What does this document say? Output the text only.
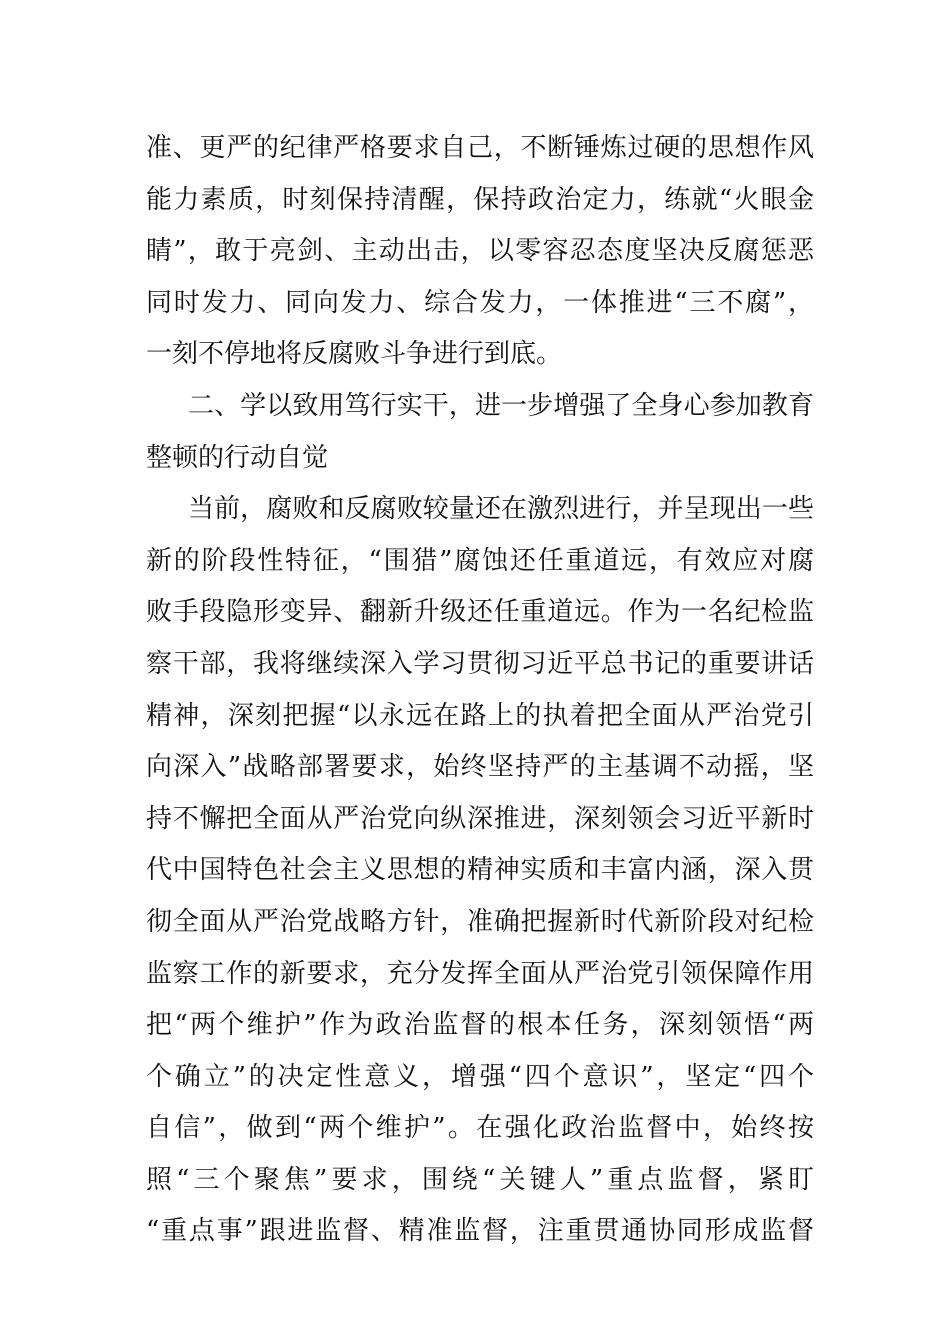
准、更严的纪律严格要求自己，不断锤炼过硬的思想作风
能力素质，时刻保持清醒，保持政治定力，练就“火眼金
睛”，敢于亮剑、主动出击，以零容忍态度坚决反腐惩恶
同时发力、同向发力、综合发力，一体推进“三不腐”，
一刻不停地将反腐败斗争进行到底。
二、学以致用笃行实干，进一步增强了全身心参加教育
整顿的行动自觉
当前，腐败和反腐败较量还在激烈进行，并呈现出一些
新的阶段性特征，“围猎”腐蚀还任重道远，有效应对腐
败手段隐形变异、翻新升级还任重道远。作为一名纪检监
察干部，我将继续深入学习贯彻习近平总书记的重要讲话
精神，深刻把握“以永远在路上的执着把全面从严治党引
向深入”战略部署要求，始终坚持严的主基调不动摇，坚
持不懈把全面从严治党向纵深推进，深刻领会习近平新时
代中国特色社会主义思想的精神实质和丰富内涵，深入贯
彻全面从严治党战略方针，准确把握新时代新阶段对纪检
监察工作的新要求，充分发挥全面从严治党引领保障作用
把“两个维护”作为政治监督的根本任务，深刻领悟“两
个确立”的决定性意义，增强“四个意识”，坚定“四个
自信”，做到“两个维护”。在强化政治监督中，始终按
照“三个聚焦”要求，围绕“关键人”重点监督，紧盯
“重点事”跟进监督、精准监督，注重贯通协同形成监督
